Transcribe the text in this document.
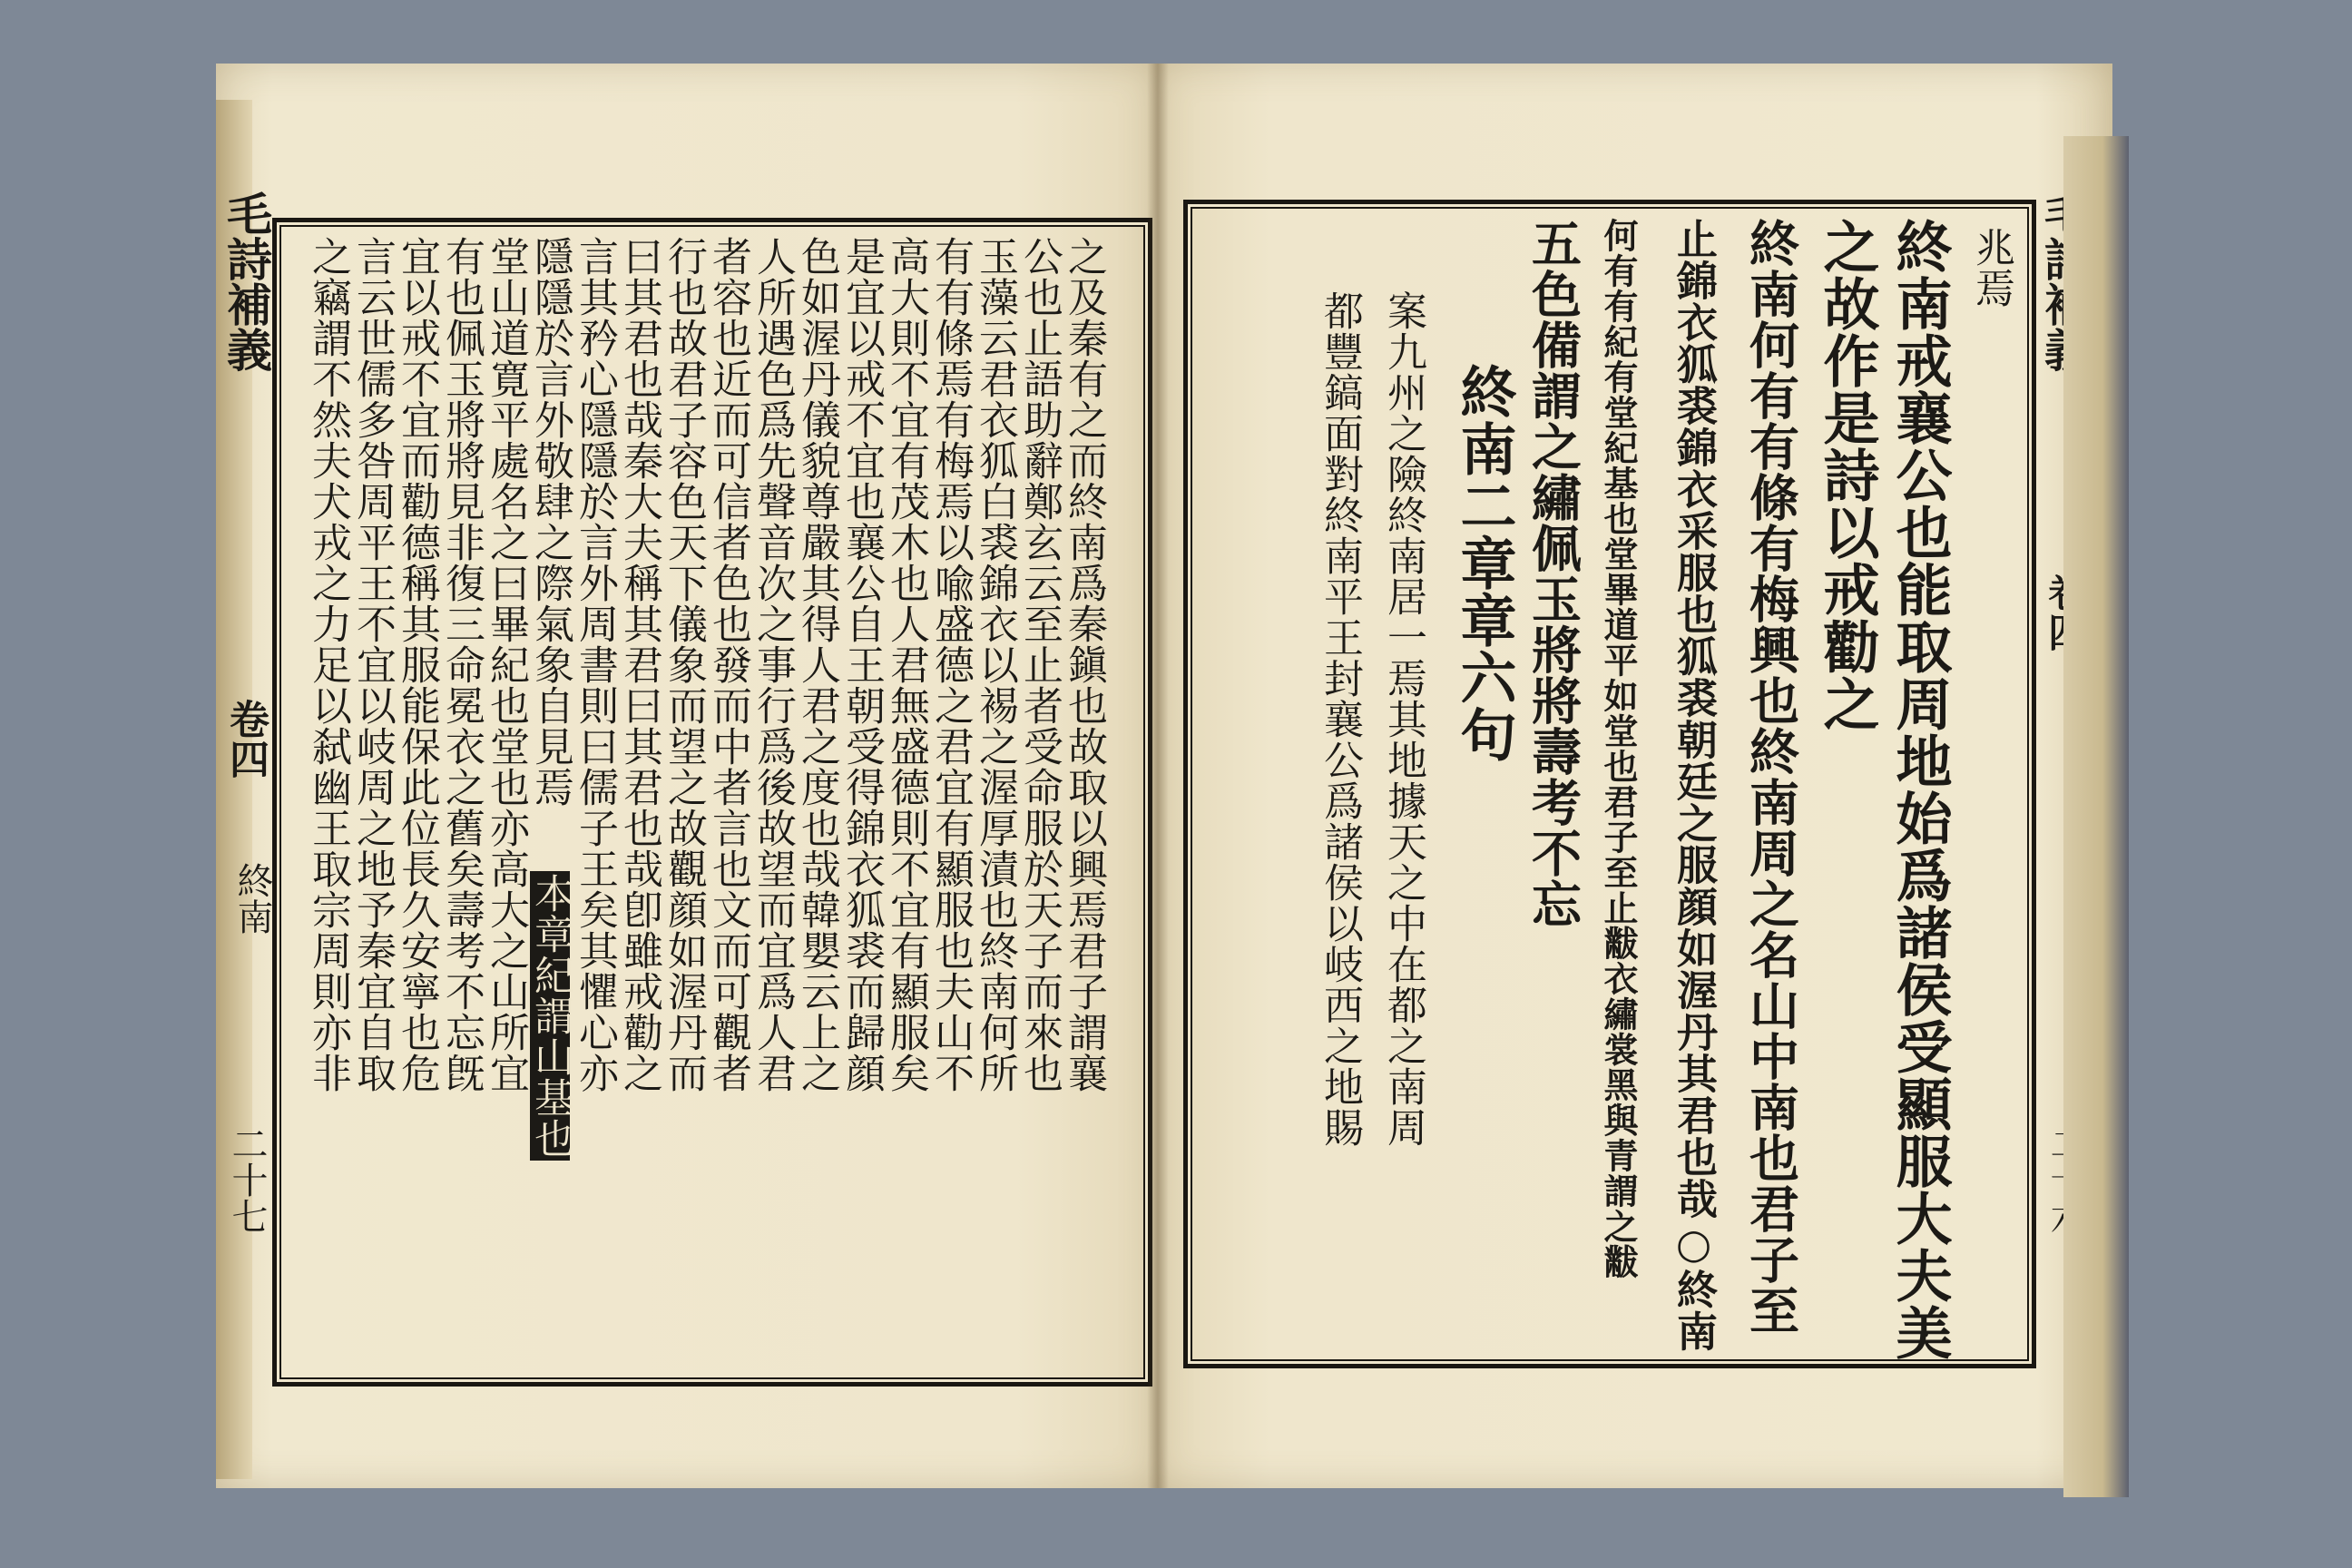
毛詩補義
卷四
終南
二十七
之及秦有之而終南爲秦鎭也故取以興焉君子謂襄
公也止語助辭鄭玄云至止者受命服於天子而來也
玉藻云君衣狐白裘錦衣以裼之渥厚漬也終南何所
有有條焉有梅焉以喩盛德之君宜有顯服也夫山不
高大則不宜有茂木也人君無盛德則不宜有顯服矣
是宜以戒不宜也襄公自王朝受得錦衣狐裘而歸顔
色如渥丹儀貌尊嚴其得人君之度也哉韓嬰云上之
人所遇色爲先聲音次之事行爲後故望而宜爲人君
者容也近而可信者色也發而中者言也文而可觀者
行也故君子容色天下儀象而望之故觀顔如渥丹而
曰其君也哉秦大夫稱其君曰其君也哉卽雖戒勸之
言其矜心隱隱於言外周書則曰儒子王矣其懼心亦
隱隱於言外敬肆之際氣象自見焉
本章紀謂山基也
堂山道寛平處名之曰畢紀也堂也亦高大之山所宜
有也佩玉將將見非復三命冕衣之舊矣壽考不忘旣
宜以戒不宜而勸德稱其服能保此位長久安寧也危
言云世儒多咎周平王不宜以岐周之地予秦宜自取
之竊謂不然夫犬戎之力足以弑幽王取宗周則亦非	兆焉
終南戒襄公也能取周地始爲諸侯受顯服大夫美
之故作是詩以戒勸之
終南何有有條有梅興也終南周之名山中南也君子至
止錦衣狐裘錦衣采服也狐裘朝廷之服顔如渥丹其君也哉○終南
何有有紀有堂紀基也堂畢道平如堂也君子至止黻衣繡裳黑與青謂之黻
五色備謂之繡佩玉將將壽考不忘
終南二章章六句
案九州之險終南居一焉其地據天之中在都之南周
都豐鎬面對終南平王封襄公爲諸侯以岐西之地賜
